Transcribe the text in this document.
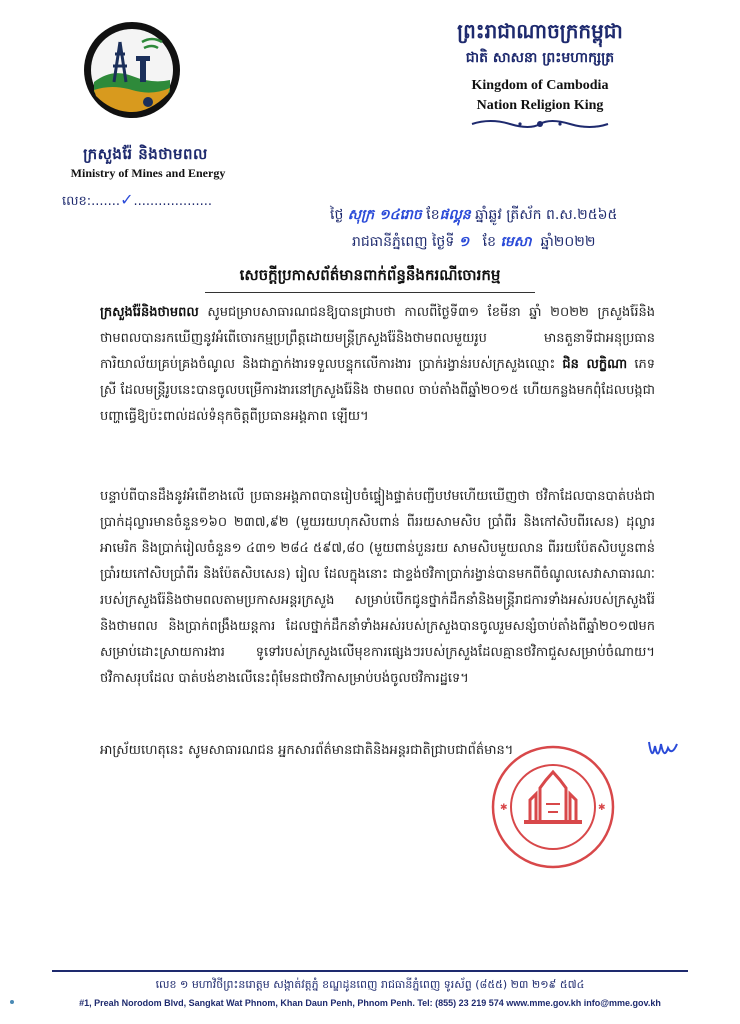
ក្រសួងរ៉ែ និងថាមពល
Ministry of Mines and Energy
លេខ:.......✓...................
ព្រះរាជាណាចក្រកម្ពុជា
ជាតិ សាសនា ព្រះមហាក្សត្រ
Kingdom of Cambodia
Nation Religion King
ថ្ងៃ សុក្រ ១៤រោច ខែផល្គុន ឆ្នាំឆ្លូវ ត្រីស័ក ព.ស.២៥៦៥
រាជធានីភ្នំពេញ ថ្ងៃទី ១ ខែ មេសា ឆ្នាំ២០២២
សេចក្តីប្រកាសព័ត៌មានពាក់ព័ន្ធនឹងករណីចោរកម្ម
ក្រសួងរ៉ែនិងថាមពល សូមជម្រាបសាធារណជនឱ្យបានជ្រាបថា កាលពីថ្ងៃទី៣១ ខែមីនា ឆ្នាំ ២០២២ ក្រសួងរ៉ែនិងថាមពលបានរកឃើញនូវអំពើចោរកម្មប្រព្រឹត្តដោយមន្ត្រីក្រសួងរ៉ែនិងថាមពលមួយរូប មានតួនាទីជាអនុប្រធានការិយាល័យគ្រប់គ្រងចំណូល និងជាភ្នាក់ងារទទួលបន្ទុកលើការងារ ប្រាក់រង្វាន់របស់ក្រសួងឈ្មោះ ជិន លក្ខិណា ភេទ ស្រី ដែលមន្ត្រីរូបនេះបានចូលបម្រើការងារនៅក្រសួងរ៉ែនិង ថាមពល ចាប់តាំងពីឆ្នាំ២០១៥ ហើយកន្លងមកពុំដែលបង្កជាបញ្ហាធ្វើឱ្យប៉ះពាល់ដល់ទំនុកចិត្តពីប្រធានអង្គភាព ឡើយ។
បន្ទាប់ពីបានដឹងនូវអំពើខាងលើ ប្រធានអង្គភាពបានរៀបចំផ្ទៀងផ្ទាត់បញ្ជីបឋមហើយឃើញថា ថវិកាដែលបានបាត់បង់ជាប្រាក់ដុល្លារមានចំនួន១៦០ ២៣៧,៩២ (មួយរយហុកសិបពាន់ ពីររយសាមសិប ប្រាំពីរ និងកៅសិបពីរសេន) ដុល្លារអាមេរិក និងប្រាក់រៀលចំនួន១ ៤៣១ ២៨៤ ៥៩៧,៨០ (មួយពាន់បួនរយ សាមសិបមួយលាន ពីររយប៉ែតសិបបួនពាន់ ប្រាំរយកៅសិបប្រាំពីរ និងប៉ែតសិបសេន) រៀល ដែលក្នុងនោះ ជាខ្ទង់ថវិកាប្រាក់រង្វាន់បានមកពីចំណូលសេវាសាធារណៈរបស់ក្រសួងរ៉ែនិងថាមពលតាមប្រកាសអន្តរក្រសួង សម្រាប់បើកជូនថ្នាក់ដឹកនាំនិងមន្ត្រីរាជការទាំងអស់របស់ក្រសួងរ៉ែនិងថាមពល និងប្រាក់ពង្រឹងយន្តការ ដែលថ្នាក់ដឹកនាំទាំងអស់របស់ក្រសួងបានចូលរួមសន្សំចាប់តាំងពីឆ្នាំ២០១៧មកសម្រាប់ដោះស្រាយការងារ ទូទៅរបស់ក្រសួងលើមុខការផ្សេងៗរបស់ក្រសួងដែលគ្មានថវិកាជួសសម្រាប់ចំណាយ។ ថវិកាសរុបដែល បាត់បង់ខាងលើនេះពុំមែនជាថវិកាសម្រាប់បង់ចូលថវិការដ្ឋទេ។
អាស្រ័យហេតុនេះ សូមសាធារណជន អ្នកសារព័ត៌មានជាតិនិងអន្តរជាតិជ្រាបជាព័ត៌មាន។
✱	✱
លេខ ១ មហាវិថីព្រះនរោត្តម សង្កាត់វត្តភ្នំ ខណ្ឌដូនពេញ រាជធានីភ្នំពេញ ទូរស័ព្ទ (៨៥៥) ២៣ ២១៩ ៥៧៤
#1, Preah Norodom Blvd, Sangkat Wat Phnom, Khan Daun Penh, Phnom Penh. Tel: (855) 23 219 574 www.mme.gov.kh info@mme.gov.kh
